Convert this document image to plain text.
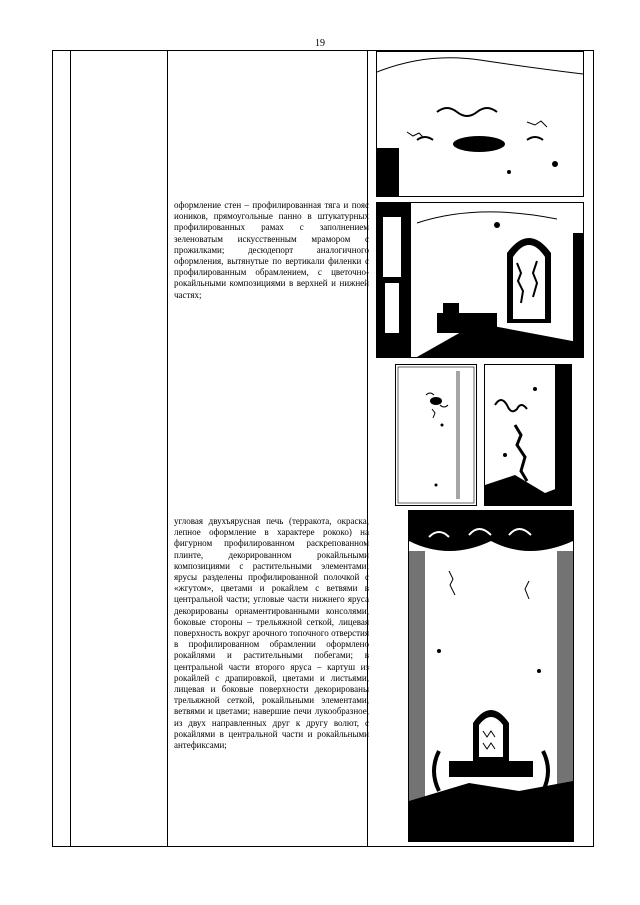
19
оформление стен – профилированная тяга и пояс иоников, прямоугольные панно в штукатурных профилированных рамах с заполнением зеленоватым искусственным мрамором с прожилками; десюдепорт аналогичного оформления, вытянутые по вертикали филенки с профилированным обрамлением, с цветочно-рокайльными композициями в верхней и нижней частях;
угловая двухъярусная печь (терракота, окраска, лепное оформление в характере рококо) на фигурном профилированном раскрепованном плинте, декорированном рокайльными композициями с растительными элементами; ярусы разделены профилированной полочкой с «жгутом», цветами и рокайлем с ветвями в центральной части; угловые части нижнего яруса декорированы орнаментированными консолями, боковые стороны – трельяжной сеткой, лицевая поверхность вокруг арочного топочного отверстия в профилированном обрамлении оформлено рокайлями и растительными побегами; в центральной части второго яруса – картуш из рокайлей с драпировкой, цветами и листьями, лицевая и боковые поверхности декорированы трельяжной сеткой, рокайльными элементами, ветвями и цветами; навершие печи лукообразное, из двух направленных друг к другу волют, с рокайлями в центральной части и рокайльными антефиксами;
